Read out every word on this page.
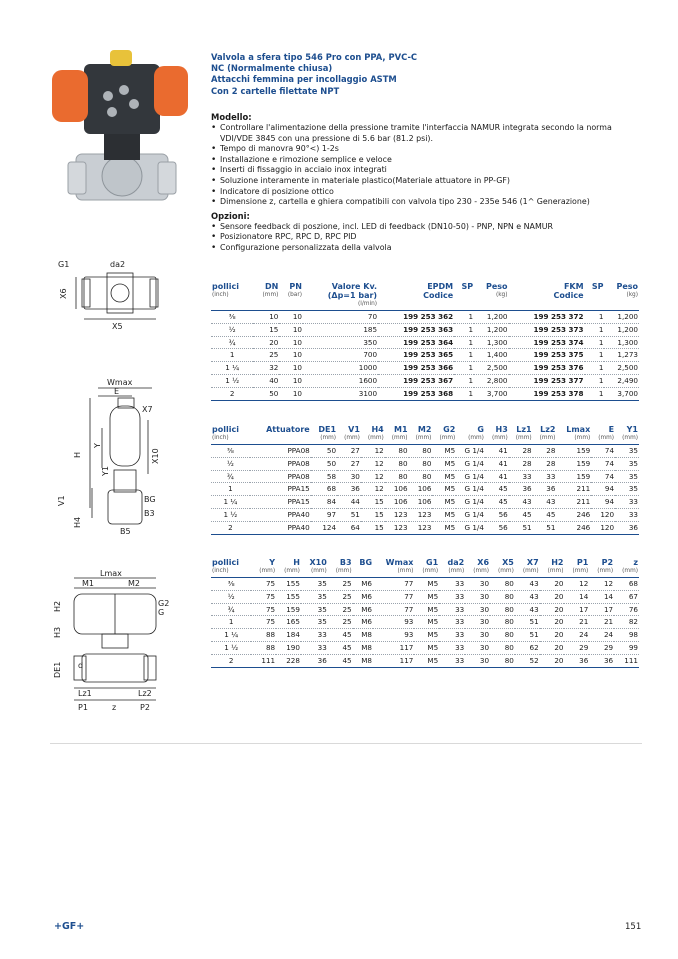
Valvola a sfera tipo 546 Pro con PPA, PVC-C
NC (Normalmente chiusa)
Attacchi femmina per incollaggio ASTM
Con 2 cartelle filettate NPT
Modello:
• Controllare l'alimentazione della pressione tramite l'interfaccia NAMUR integrata secondo la norma VDI/VDE 3845 con una pressione di 5.6 bar (81.2 psi).
• Tempo di manovra 90°<) 1-2s
• Installazione e rimozione semplice e veloce
• Inserti di fissaggio in acciaio inox integrati
• Soluzione interamente in materiale plastico(Materiale attuatore in PP-GF)
• Indicatore di posizione ottico
• Dimensione z, cartella e ghiera compatibili con valvola tipo 230 - 235e 546 (1^ Generazione)
Opzioni:
• Sensore feedback di poszione, incl. LED di feedback (DN10-50) - PNP, NPN e NAMUR
• Posizionatore RPC, RPC D, RPC PID
• Configurazione personalizzata della valvola
pollici	DN	PN	Valore Kv.	EPDM	SP	Peso	FKM	SP	Peso
(inch)	(mm)	(bar)	(Δp=1 bar)	Codice		(kg)	Codice		(kg)
			(l/min)						
⅜	10	10	70	199 253 362	1	1,200	199 253 372	1	1,200
½	15	10	185	199 253 363	1	1,200	199 253 373	1	1,200
¾	20	10	350	199 253 364	1	1,300	199 253 374	1	1,300
1	25	10	700	199 253 365	1	1,400	199 253 375	1	1,273
1 ¼	32	10	1000	199 253 366	1	2,500	199 253 376	1	2,500
1 ½	40	10	1600	199 253 367	1	2,800	199 253 377	1	2,490
2	50	10	3100	199 253 368	1	3,700	199 253 378	1	3,700
pollici	Attuatore	DE1	V1	H4	M1	M2	G2	G	H3	Lz1	Lz2	Lmax	E	Y1
(inch)		(mm)	(mm)	(mm)	(mm)	(mm)	(mm)	(mm)	(mm)	(mm)	(mm)	(mm)	(mm)	(mm)
⅜	PPA08	50	27	12	80	80	M5	G 1/4	41	28	28	159	74	35
½	PPA08	50	27	12	80	80	M5	G 1/4	41	28	28	159	74	35
¾	PPA08	58	30	12	80	80	M5	G 1/4	41	33	33	159	74	35
1	PPA15	68	36	12	106	106	M5	G 1/4	45	36	36	211	94	35
1 ¼	PPA15	84	44	15	106	106	M5	G 1/4	45	43	43	211	94	33
1 ½	PPA40	97	51	15	123	123	M5	G 1/4	56	45	45	246	120	33
2	PPA40	124	64	15	123	123	M5	G 1/4	56	51	51	246	120	36
pollici	Y	H	X10	B3	BG	Wmax	G1	da2	X6	X5	X7	H2	P1	P2	z
(inch)	(mm)	(mm)	(mm)	(mm)		(mm)	(mm)	(mm)	(mm)	(mm)	(mm)	(mm)	(mm)	(mm)	(mm)
⅜	75	155	35	25	M6	77	M5	33	30	80	43	20	12	12	68
½	75	155	35	25	M6	77	M5	33	30	80	43	20	14	14	67
¾	75	159	35	25	M6	77	M5	33	30	80	43	20	17	17	76
1	75	165	35	25	M6	93	M5	33	30	80	51	20	21	21	82
1 ¼	88	184	33	45	M8	93	M5	33	30	80	51	20	24	24	98
1 ½	88	190	33	45	M8	117	M5	33	30	80	62	20	29	29	99
2	111	228	36	45	M8	117	M5	33	30	80	52	20	36	36	111
G1	da2
X6
X5
Wmax
E
X7
H
Y
Y1
X10
V1
H4
BG
B3
B5
Lmax
M1	M2
H2	G2
G
H3
DE1 d
Lz1	Lz2
P1	z	P2
+GF+	151
